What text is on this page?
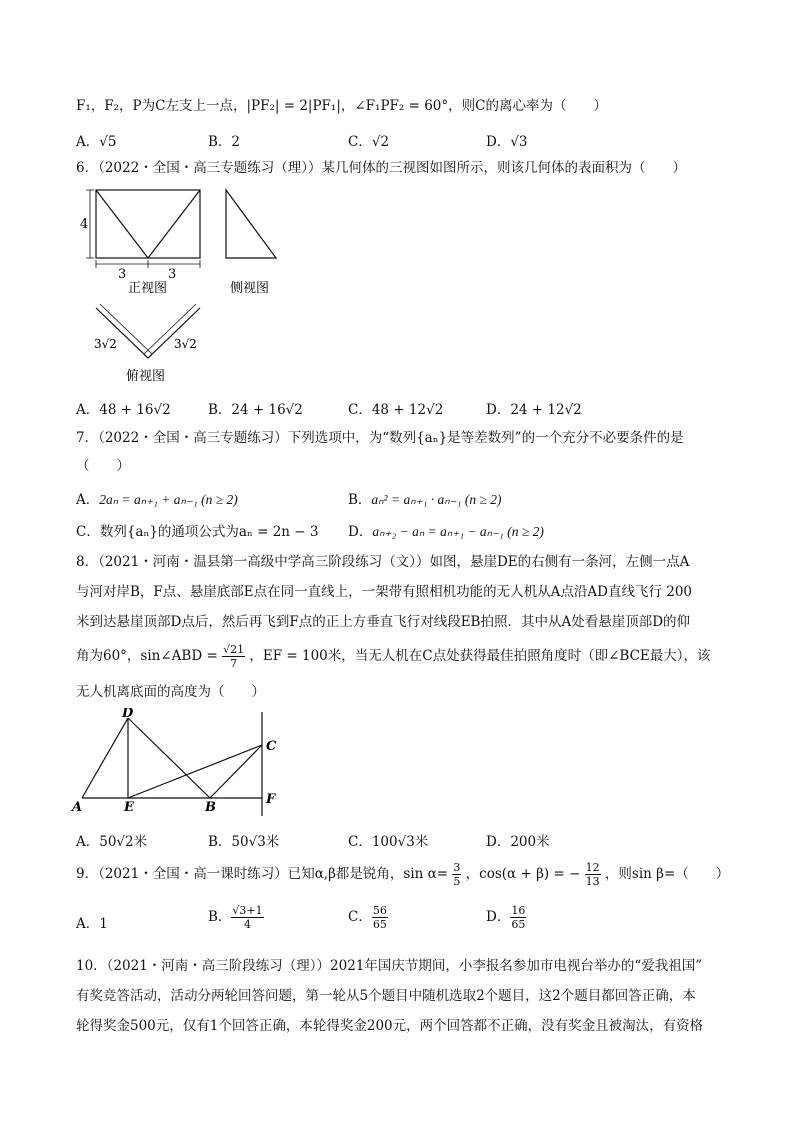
F₁，F₂，P为C左支上一点，|PF₂| = 2|PF₁|，∠F₁PF₂ = 60°，则C的离心率为（　　）
A．√5	B．2	C．√2	D．√3
6．（2022・全国・高三专题练习（理））某几何体的三视图如图所示，则该几何体的表面积为（　　）
4
3	3
正视图	侧视图
3√2	3√2
俯视图
A．48 + 16√2	B．24 + 16√2	C．48 + 12√2	D．24 + 12√2
7．（2022・全国・高三专题练习）下列选项中，为“数列{aₙ}是等差数列”的一个充分不必要条件的是
（　　）
A．2aₙ = aₙ₊₁ + aₙ₋₁ (n ≥ 2)	B．aₙ² = aₙ₊₁ · aₙ₋₁ (n ≥ 2)
C．数列{aₙ}的通项公式为aₙ = 2n − 3 D．aₙ₊₂ − aₙ = aₙ₊₁ − aₙ₋₁ (n ≥ 2)
8．（2021・河南・温县第一高级中学高三阶段练习（文））如图，悬崖DE的右侧有一条河，左侧一点A
与河对岸B，F点、悬崖底部E点在同一直线上，一架带有照相机功能的无人机从A点沿AD直线飞行 200
米到达悬崖顶部D点后，然后再飞到F点的正上方垂直飞行对线段EB拍照．其中从A处看悬崖顶部D的仰
角为60°，sin∠ABD = $\frac{√21}{7}$ ，EF = 100米，当无人机在C点处获得最佳拍照角度时（即∠BCE最大），该
无人机离底面的高度为（　　）
D
A	E	B
C
F
A．50√2米	B．50√3米	C．100√3米	D．200米
9．（2021・全国・高一课时练习）已知α,β都是锐角，$\sin \alpha= \frac{3}{5}$ ，cos(α + β) = − $\frac{12}{13}$ ，则sin β=（　　）
A．1	B． $\frac{√3+1}{4}$	C． $\frac{56}{65}$	D． $\frac{16}{65}$
10．（2021・河南・高三阶段练习（理））2021年国庆节期间，小李报名参加市电视台举办的“爱我祖国”
有奖竞答活动，活动分两轮回答问题，第一轮从5个题目中随机选取2个题目，这2个题目都回答正确，本
轮得奖金500元，仅有1个回答正确，本轮得奖金200元，两个回答都不正确，没有奖金且被淘汰，有资格
